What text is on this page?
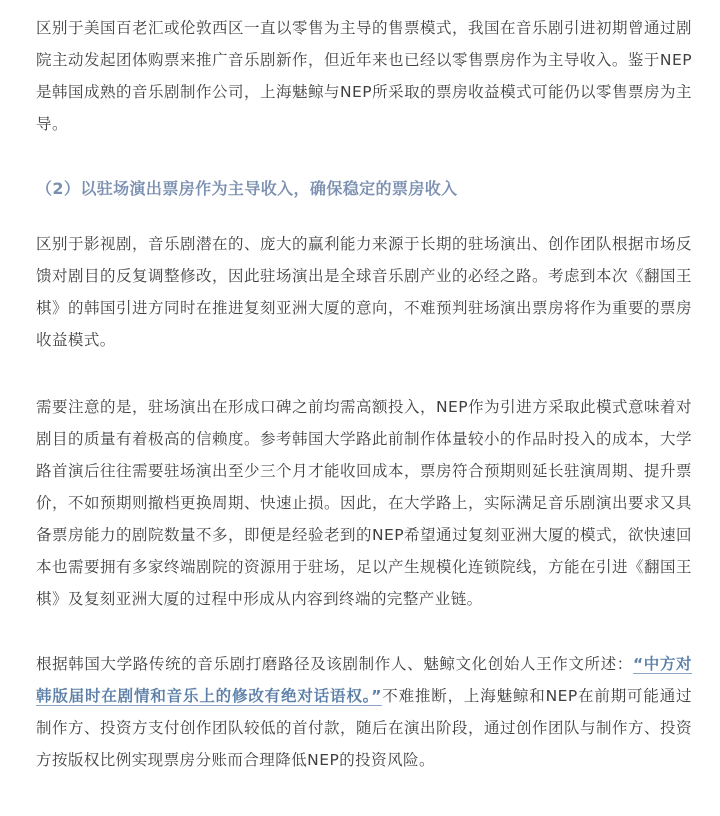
区别于美国百老汇或伦敦西区一直以零售为主导的售票模式，我国在音乐剧引进初期曾通过剧院主动发起团体购票来推广音乐剧新作，但近年来也已经以零售票房作为主导收入。鉴于NEP是韩国成熟的音乐剧制作公司，上海魅鲸与NEP所采取的票房收益模式可能仍以零售票房为主导。

（2）以驻场演出票房作为主导收入，确保稳定的票房收入

区别于影视剧，音乐剧潜在的、庞大的赢利能力来源于长期的驻场演出、创作团队根据市场反馈对剧目的反复调整修改，因此驻场演出是全球音乐剧产业的必经之路。考虑到本次《翻国王棋》的韩国引进方同时在推进复刻亚洲大厦的意向，不难预判驻场演出票房将作为重要的票房收益模式。

需要注意的是，驻场演出在形成口碑之前均需高额投入，NEP作为引进方采取此模式意味着对剧目的质量有着极高的信赖度。参考韩国大学路此前制作体量较小的作品时投入的成本，大学路首演后往往需要驻场演出至少三个月才能收回成本，票房符合预期则延长驻演周期、提升票价，不如预期则撤档更换周期、快速止损。因此，在大学路上，实际满足音乐剧演出要求又具备票房能力的剧院数量不多，即便是经验老到的NEP希望通过复刻亚洲大厦的模式，欲快速回本也需要拥有多家终端剧院的资源用于驻场，足以产生规模化连锁院线，方能在引进《翻国王棋》及复刻亚洲大厦的过程中形成从内容到终端的完整产业链。

根据韩国大学路传统的音乐剧打磨路径及该剧制作人、魅鲸文化创始人王作文所述：“中方对韩版届时在剧情和音乐上的修改有绝对话语权。”不难推断，上海魅鲸和NEP在前期可能通过制作方、投资方支付创作团队较低的首付款，随后在演出阶段，通过创作团队与制作方、投资方按版权比例实现票房分账而合理降低NEP的投资风险。
